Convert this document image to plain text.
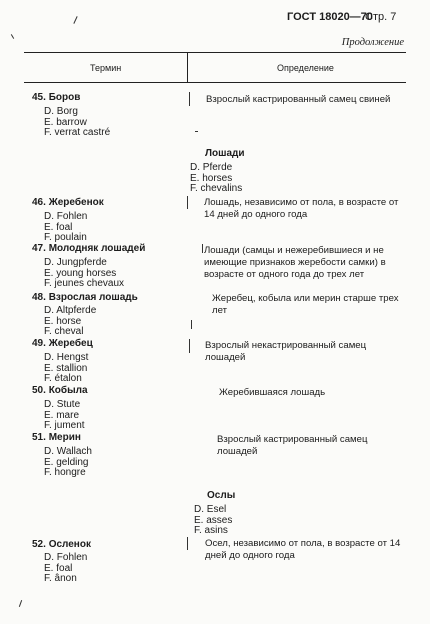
ГОСТ 18020—70
Стр. 7
Продолжение
Термин	Определение
45. Боров
D. Borg
E. barrow
F. verrat castré
Взрослый кастрированный самец свиней
Лошади
D. Pferde
E. horses
F. chevalins
46. Жеребенок
D. Fohlen
E. foal
F. poulain
Лошадь, независимо от пола, в возрасте от 14 дней до одного года
47. Молодняк лошадей
D. Jungpferde
E. young horses
F. jeunes chevaux
Лошади (самцы и нежеребившиеся и не имеющие признаков жеребости самки) в возрасте от одного года до трех лет
48. Взрослая лошадь
D. Altpferde
E. horse
F. cheval
Жеребец, кобыла или мерин старше трех лет
49. Жеребец
D. Hengst
E. stallion
F. étalon
Взрослый некастрированный самец лошадей
50. Кобыла
D. Stute
E. mare
F. jument
Жеребившаяся лошадь
51. Мерин
D. Wallach
E. gelding
F. hongre
Взрослый кастрированный самец лошадей
Ослы
D. Esel
E. asses
F. asins
52. Осленок
D. Fohlen
E. foal
F. ânon
Осел, независимо от пола, в возрасте от 14 дней до одного года
